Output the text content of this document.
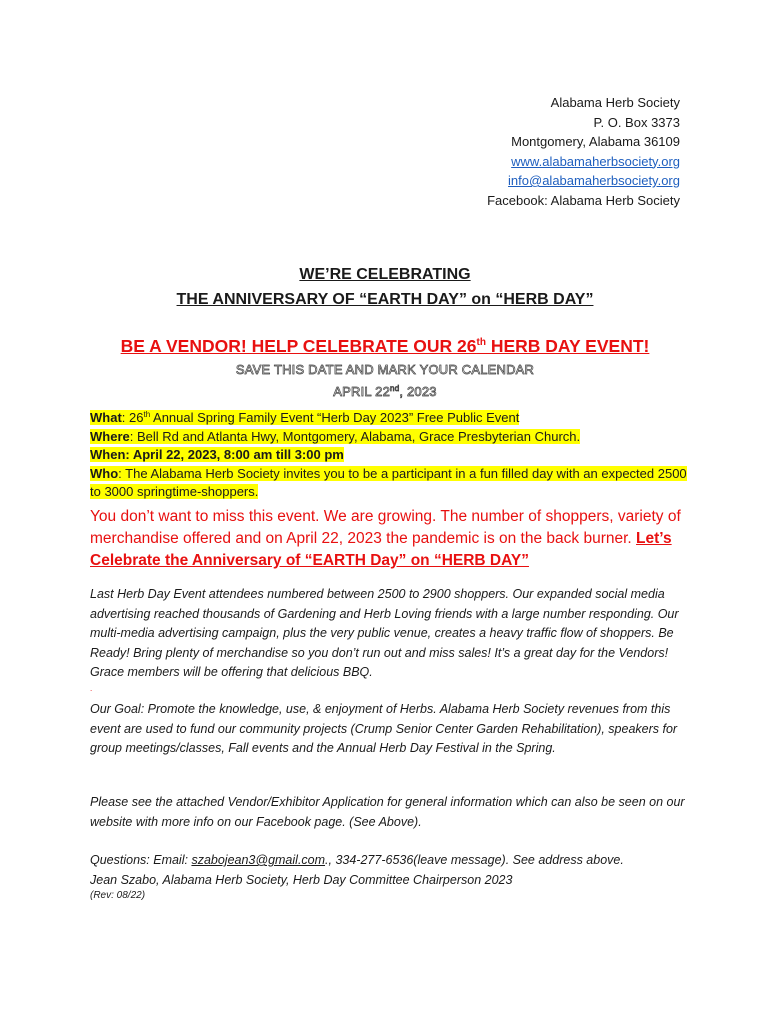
Alabama Herb Society
P. O. Box 3373
Montgomery, Alabama 36109
www.alabamaherbsociety.org
info@alabamaherbsociety.org
Facebook: Alabama Herb Society
WE’RE CELEBRATING
THE ANNIVERSARY OF “EARTH DAY” on “HERB DAY”
BE A VENDOR! HELP CELEBRATE OUR 26th HERB DAY EVENT!
SAVE THIS DATE AND MARK YOUR CALENDAR
APRIL 22nd, 2023
What: 26th Annual Spring Family Event “Herb Day 2023” Free Public Event
Where: Bell Rd and Atlanta Hwy, Montgomery, Alabama, Grace Presbyterian Church.
When: April 22, 2023, 8:00 am till 3:00 pm
Who: The Alabama Herb Society invites you to be a participant in a fun filled day with an expected 2500 to 3000 springtime-shoppers.
You don’t want to miss this event. We are growing. The number of shoppers, variety of merchandise offered and on April 22, 2023 the pandemic is on the back burner. Let’s Celebrate the Anniversary of “EARTH Day” on “HERB DAY”
Last Herb Day Event attendees numbered between 2500 to 2900 shoppers. Our expanded social media advertising reached thousands of Gardening and Herb Loving friends with a large number responding. Our multi-media advertising campaign, plus the very public venue, creates a heavy traffic flow of shoppers. Be Ready! Bring plenty of merchandise so you don’t run out and miss sales! It’s a great day for the Vendors! Grace members will be offering that delicious BBQ.
.
Our Goal: Promote the knowledge, use, & enjoyment of Herbs. Alabama Herb Society revenues from this event are used to fund our community projects (Crump Senior Center Garden Rehabilitation), speakers for group meetings/classes, Fall events and the Annual Herb Day Festival in the Spring.
Please see the attached Vendor/Exhibitor Application for general information which can also be seen on our website with more info on our Facebook page. (See Above).
Questions: Email: szabojean3@gmail.com., 334-277-6536(leave message). See address above.
Jean Szabo, Alabama Herb Society, Herb Day Committee Chairperson 2023
(Rev: 08/22)
